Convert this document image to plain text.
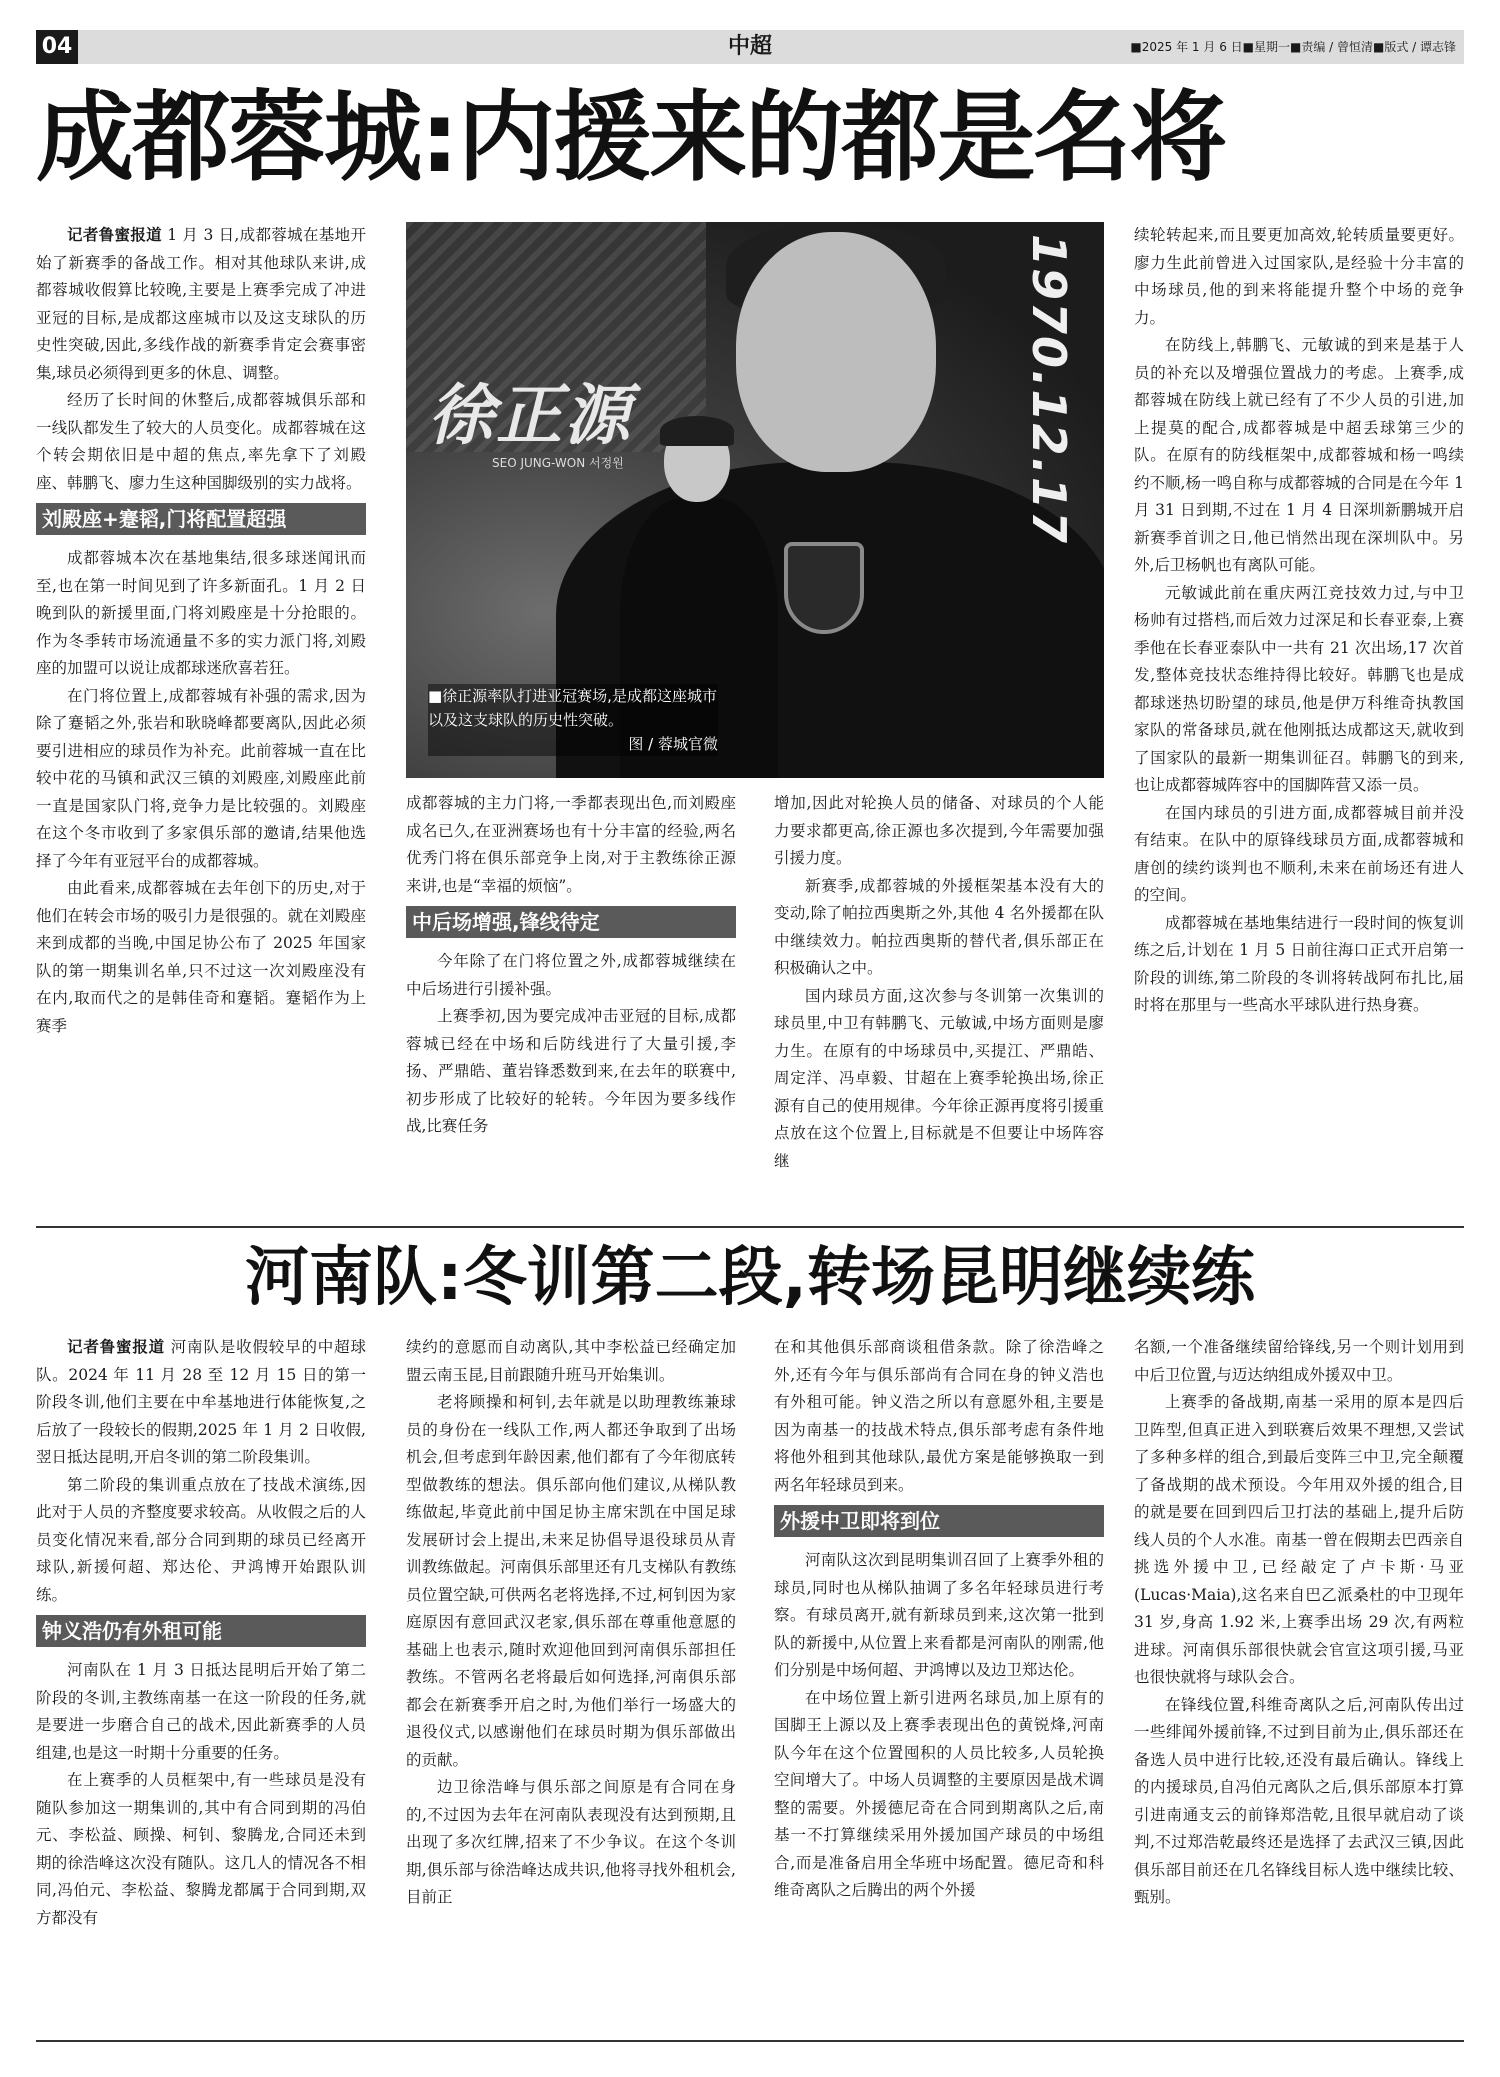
中超
04	■2025 年 1 月 6 日■星期一■责编 / 曾恒清■版式 / 谭志锋
成都蓉城:内援来的都是名将

记者鲁蜜报道 1 月 3 日,成都蓉城在基地开始了新赛季的备战工作。相对其他球队来讲,成都蓉城收假算比较晚,主要是上赛季完成了冲进亚冠的目标,是成都这座城市以及这支球队的历史性突破,因此,多线作战的新赛季肯定会赛事密集,球员必须得到更多的休息、调整。

经历了长时间的休整后,成都蓉城俱乐部和一线队都发生了较大的人员变化。成都蓉城在这个转会期依旧是中超的焦点,率先拿下了刘殿座、韩鹏飞、廖力生这种国脚级别的实力战将。

刘殿座+蹇韬,门将配置超强

成都蓉城本次在基地集结,很多球迷闻讯而至,也在第一时间见到了许多新面孔。1 月 2 日晚到队的新援里面,门将刘殿座是十分抢眼的。作为冬季转市场流通量不多的实力派门将,刘殿座的加盟可以说让成都球迷欣喜若狂。

在门将位置上,成都蓉城有补强的需求,因为除了蹇韬之外,张岩和耿晓峰都要离队,因此必须要引进相应的球员作为补充。此前蓉城一直在比较中花的马镇和武汉三镇的刘殿座,刘殿座此前一直是国家队门将,竞争力是比较强的。刘殿座在这个冬市收到了多家俱乐部的邀请,结果他选择了今年有亚冠平台的成都蓉城。

由此看来,成都蓉城在去年创下的历史,对于他们在转会市场的吸引力是很强的。就在刘殿座来到成都的当晚,中国足协公布了 2025 年国家队的第一期集训名单,只不过这一次刘殿座没有在内,取而代之的是韩佳奇和蹇韬。蹇韬作为上赛季

徐正源
SEO JUNG-WON 서정원	1970.12.17
■徐正源率队打进亚冠赛场,是成都这座城市以及这支球队的历史性突破。
图 / 蓉城官微

成都蓉城的主力门将,一季都表现出色,而刘殿座成名已久,在亚洲赛场也有十分丰富的经验,两名优秀门将在俱乐部竞争上岗,对于主教练徐正源来讲,也是“幸福的烦恼”。

中后场增强,锋线待定

今年除了在门将位置之外,成都蓉城继续在中后场进行引援补强。

上赛季初,因为要完成冲击亚冠的目标,成都蓉城已经在中场和后防线进行了大量引援,李扬、严鼎皓、董岩锋悉数到来,在去年的联赛中,初步形成了比较好的轮转。今年因为要多线作战,比赛任务

增加,因此对轮换人员的储备、对球员的个人能力要求都更高,徐正源也多次提到,今年需要加强引援力度。

新赛季,成都蓉城的外援框架基本没有大的变动,除了帕拉西奥斯之外,其他 4 名外援都在队中继续效力。帕拉西奥斯的替代者,俱乐部正在积极确认之中。

国内球员方面,这次参与冬训第一次集训的球员里,中卫有韩鹏飞、元敏诚,中场方面则是廖力生。在原有的中场球员中,买提江、严鼎皓、周定洋、冯卓毅、甘超在上赛季轮换出场,徐正源有自己的使用规律。今年徐正源再度将引援重点放在这个位置上,目标就是不但要让中场阵容继

续轮转起来,而且要更加高效,轮转质量要更好。廖力生此前曾进入过国家队,是经验十分丰富的中场球员,他的到来将能提升整个中场的竞争力。

在防线上,韩鹏飞、元敏诚的到来是基于人员的补充以及增强位置战力的考虑。上赛季,成都蓉城在防线上就已经有了不少人员的引进,加上提莫的配合,成都蓉城是中超丢球第三少的队。在原有的防线框架中,成都蓉城和杨一鸣续约不顺,杨一鸣自称与成都蓉城的合同是在今年 1 月 31 日到期,不过在 1 月 4 日深圳新鹏城开启新赛季首训之日,他已悄然出现在深圳队中。另外,后卫杨帆也有离队可能。

元敏诚此前在重庆两江竞技效力过,与中卫杨帅有过搭档,而后效力过深足和长春亚泰,上赛季他在长春亚泰队中一共有 21 次出场,17 次首发,整体竞技状态维持得比较好。韩鹏飞也是成都球迷热切盼望的球员,他是伊万科维奇执教国家队的常备球员,就在他刚抵达成都这天,就收到了国家队的最新一期集训征召。韩鹏飞的到来,也让成都蓉城阵容中的国脚阵营又添一员。

在国内球员的引进方面,成都蓉城目前并没有结束。在队中的原锋线球员方面,成都蓉城和唐创的续约谈判也不顺利,未来在前场还有进人的空间。

成都蓉城在基地集结进行一段时间的恢复训练之后,计划在 1 月 5 日前往海口正式开启第一阶段的训练,第二阶段的冬训将转战阿布扎比,届时将在那里与一些高水平球队进行热身赛。

河南队:冬训第二段,转场昆明继续练

记者鲁蜜报道 河南队是收假较早的中超球队。2024 年 11 月 28 至 12 月 15 日的第一阶段冬训,他们主要在中牟基地进行体能恢复,之后放了一段较长的假期,2025 年 1 月 2 日收假,翌日抵达昆明,开启冬训的第二阶段集训。

第二阶段的集训重点放在了技战术演练,因此对于人员的齐整度要求较高。从收假之后的人员变化情况来看,部分合同到期的球员已经离开球队,新援何超、郑达伦、尹鸿博开始跟队训练。

钟义浩仍有外租可能

河南队在 1 月 3 日抵达昆明后开始了第二阶段的冬训,主教练南基一在这一阶段的任务,就是要进一步磨合自己的战术,因此新赛季的人员组建,也是这一时期十分重要的任务。

在上赛季的人员框架中,有一些球员是没有随队参加这一期集训的,其中有合同到期的冯伯元、李松益、顾操、柯钊、黎腾龙,合同还未到期的徐浩峰这次没有随队。这几人的情况各不相同,冯伯元、李松益、黎腾龙都属于合同到期,双方都没有

续约的意愿而自动离队,其中李松益已经确定加盟云南玉昆,目前跟随升班马开始集训。

老将顾操和柯钊,去年就是以助理教练兼球员的身份在一线队工作,两人都还争取到了出场机会,但考虑到年龄因素,他们都有了今年彻底转型做教练的想法。俱乐部向他们建议,从梯队教练做起,毕竟此前中国足协主席宋凯在中国足球发展研讨会上提出,未来足协倡导退役球员从青训教练做起。河南俱乐部里还有几支梯队有教练员位置空缺,可供两名老将选择,不过,柯钊因为家庭原因有意回武汉老家,俱乐部在尊重他意愿的基础上也表示,随时欢迎他回到河南俱乐部担任教练。不管两名老将最后如何选择,河南俱乐部都会在新赛季开启之时,为他们举行一场盛大的退役仪式,以感谢他们在球员时期为俱乐部做出的贡献。

边卫徐浩峰与俱乐部之间原是有合同在身的,不过因为去年在河南队表现没有达到预期,且出现了多次红牌,招来了不少争议。在这个冬训期,俱乐部与徐浩峰达成共识,他将寻找外租机会,目前正

在和其他俱乐部商谈租借条款。除了徐浩峰之外,还有今年与俱乐部尚有合同在身的钟义浩也有外租可能。钟义浩之所以有意愿外租,主要是因为南基一的技战术特点,俱乐部考虑有条件地将他外租到其他球队,最优方案是能够换取一到两名年轻球员到来。

外援中卫即将到位

河南队这次到昆明集训召回了上赛季外租的球员,同时也从梯队抽调了多名年轻球员进行考察。有球员离开,就有新球员到来,这次第一批到队的新援中,从位置上来看都是河南队的刚需,他们分别是中场何超、尹鸿博以及边卫郑达伦。

在中场位置上新引进两名球员,加上原有的国脚王上源以及上赛季表现出色的黄锐烽,河南队今年在这个位置囤积的人员比较多,人员轮换空间增大了。中场人员调整的主要原因是战术调整的需要。外援德尼奇在合同到期离队之后,南基一不打算继续采用外援加国产球员的中场组合,而是准备启用全华班中场配置。德尼奇和科维奇离队之后腾出的两个外援

名额,一个准备继续留给锋线,另一个则计划用到中后卫位置,与迈达纳组成外援双中卫。

上赛季的备战期,南基一采用的原本是四后卫阵型,但真正进入到联赛后效果不理想,又尝试了多种多样的组合,到最后变阵三中卫,完全颠覆了备战期的战术预设。今年用双外援的组合,目的就是要在回到四后卫打法的基础上,提升后防线人员的个人水准。南基一曾在假期去巴西亲自挑选外援中卫,已经敲定了卢卡斯·马亚(Lucas·Maia),这名来自巴乙派桑杜的中卫现年 31 岁,身高 1.92 米,上赛季出场 29 次,有两粒进球。河南俱乐部很快就会官宣这项引援,马亚也很快就将与球队会合。

在锋线位置,科维奇离队之后,河南队传出过一些绯闻外援前锋,不过到目前为止,俱乐部还在备选人员中进行比较,还没有最后确认。锋线上的内援球员,自冯伯元离队之后,俱乐部原本打算引进南通支云的前锋郑浩乾,且很早就启动了谈判,不过郑浩乾最终还是选择了去武汉三镇,因此俱乐部目前还在几名锋线目标人选中继续比较、甄别。
